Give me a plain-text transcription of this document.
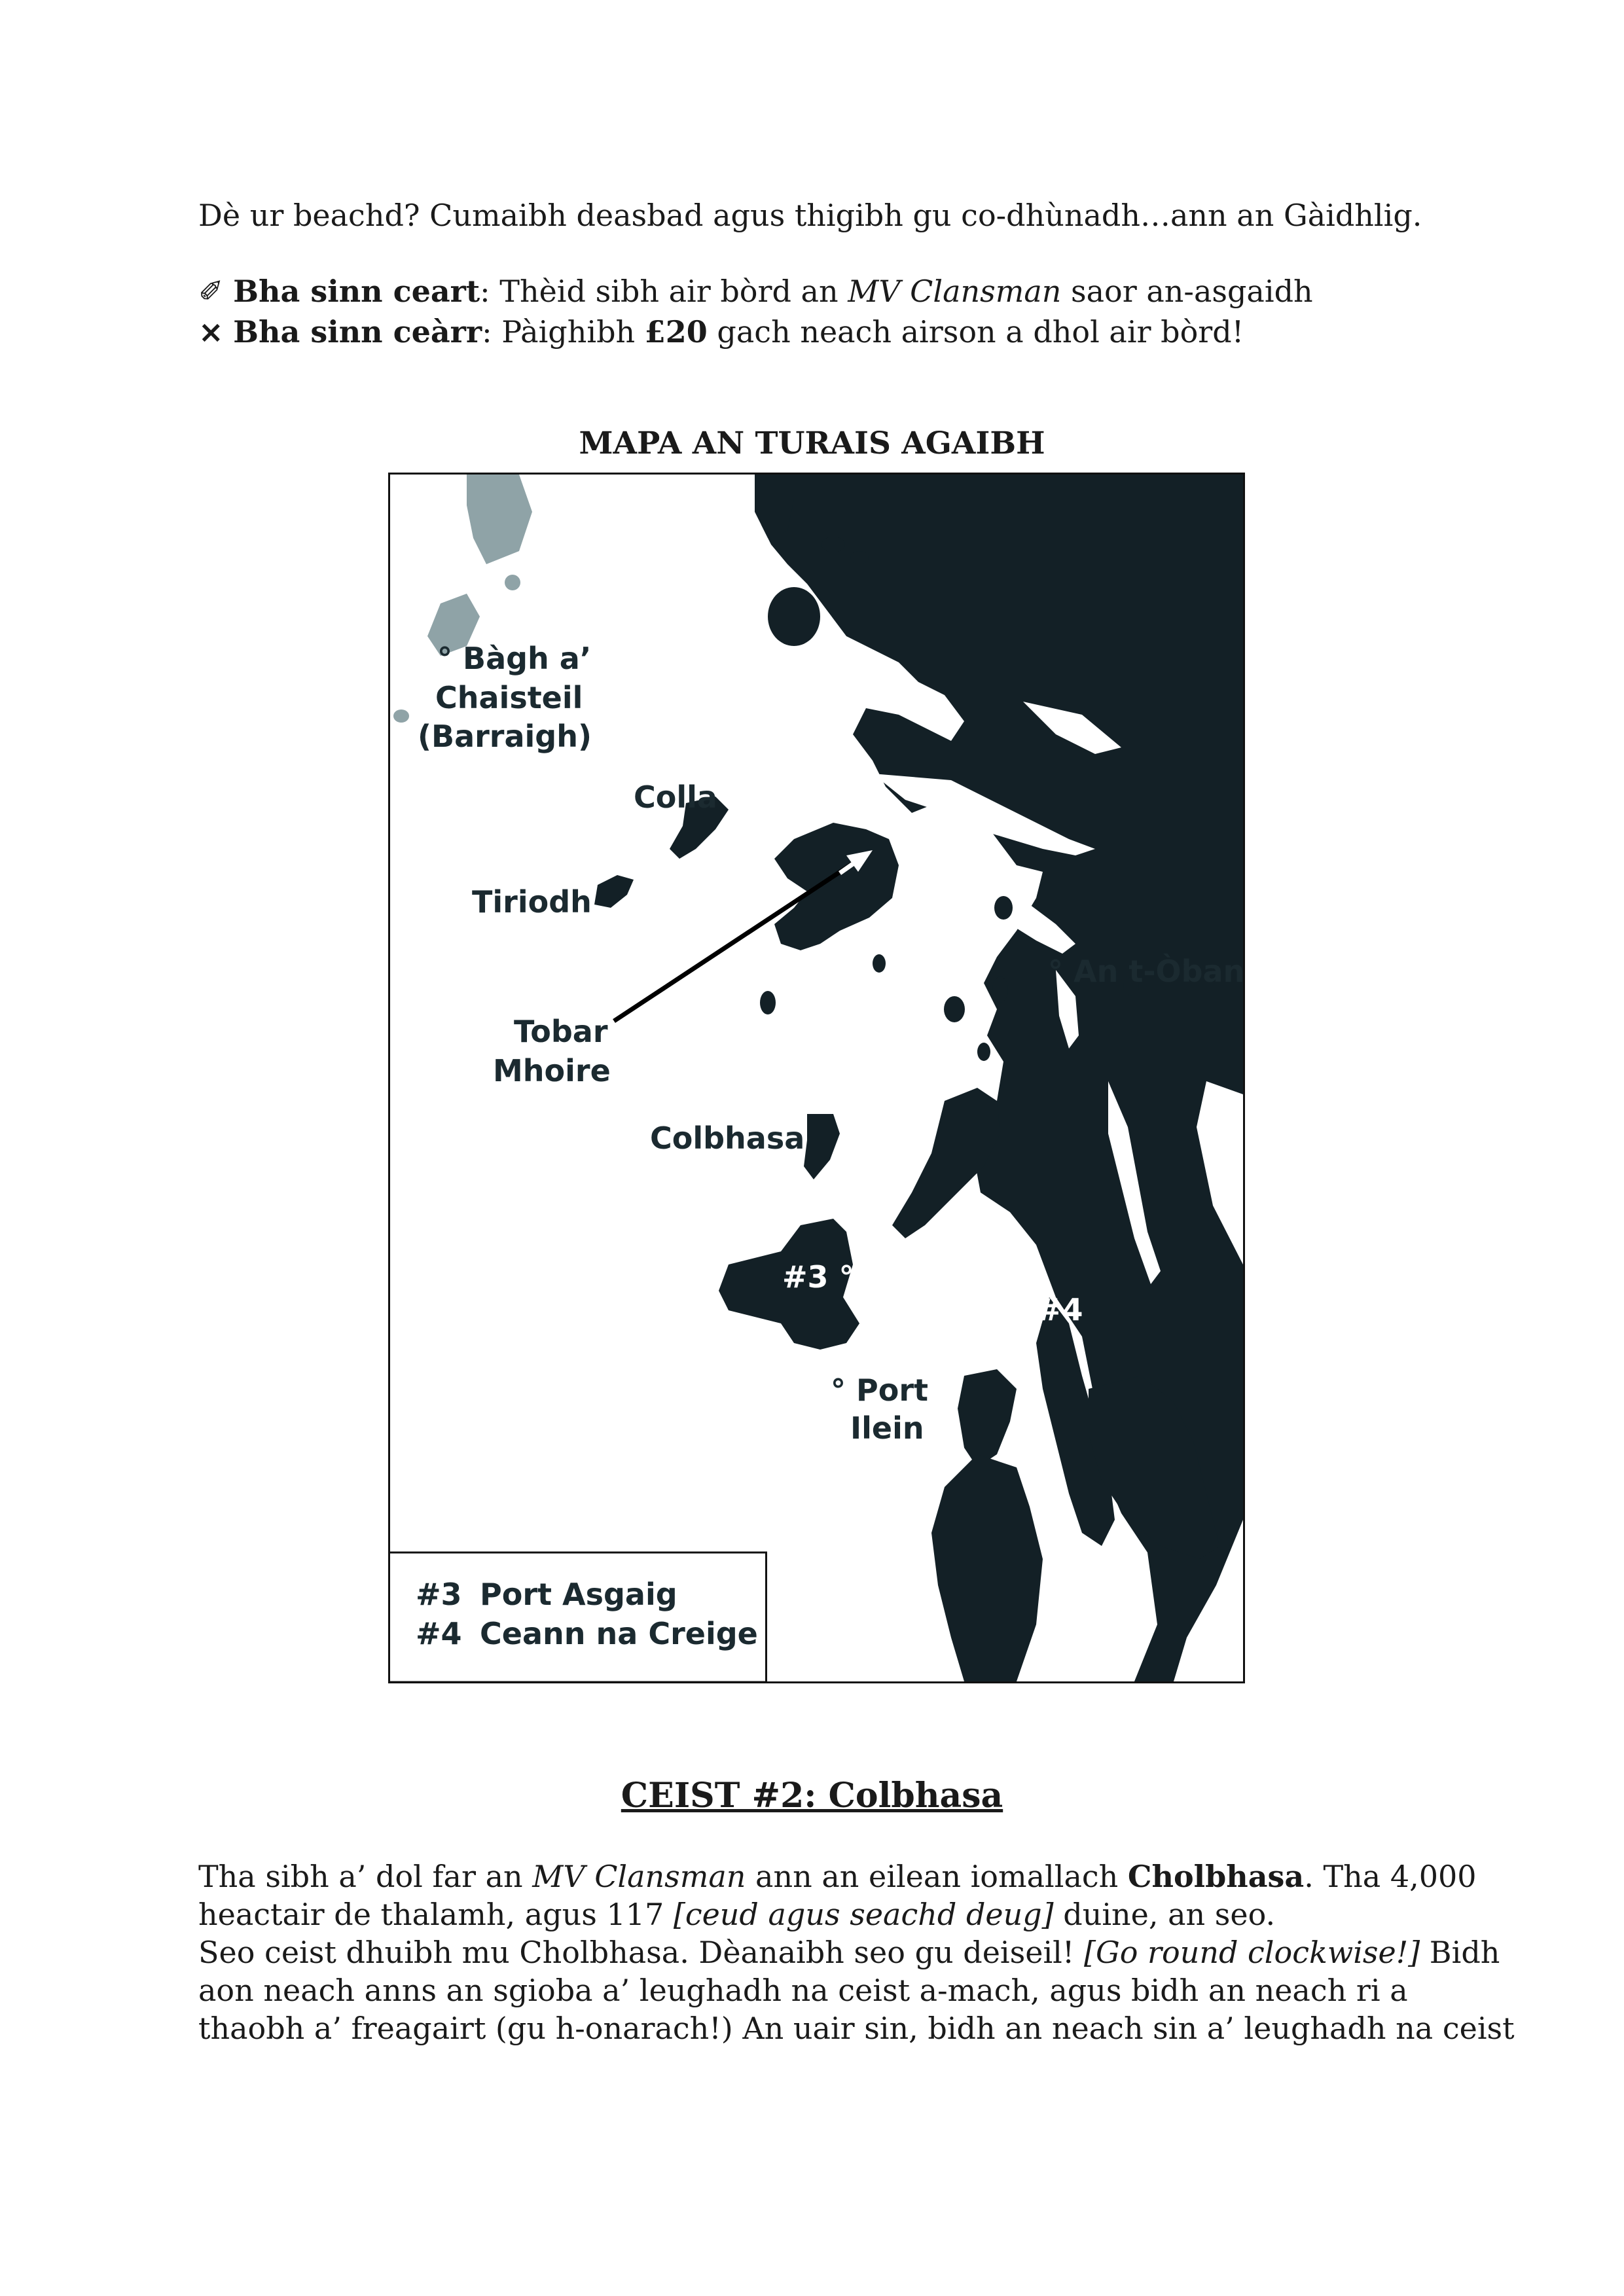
Dè ur beachd? Cumaibh deasbad agus thigibh gu co-dhùnadh…ann an Gàidhlig.

✐ Bha sinn ceart: Thèid sibh air bòrd an MV Clansman saor an-asgaidh

× Bha sinn ceàrr: Pàighibh £20 gach neach airson a dhol air bòrd!

MAPA AN TURAIS AGAIBH

° Bàgh a’
Chaisteil
(Barraigh)
Colla
Tiriodh
Tobar
Mhoire
° An t-Òban
Colbhasa
#3 °
°#4
° Port
Ilein
#3 Port Asgaig
#4 Ceann na Creige

CEIST #2: Colbhasa

Tha sibh a’ dol far an MV Clansman ann an eilean iomallach Cholbhasa. Tha 4,000

heactair de thalamh, agus 117 [ceud agus seachd deug] duine, an seo.

Seo ceist dhuibh mu Cholbhasa. Dèanaibh seo gu deiseil! [Go round clockwise!] Bidh

aon neach anns an sgioba a’ leughadh na ceist a-mach, agus bidh an neach ri a

thaobh a’ freagairt (gu h-onarach!) An uair sin, bidh an neach sin a’ leughadh na ceist
